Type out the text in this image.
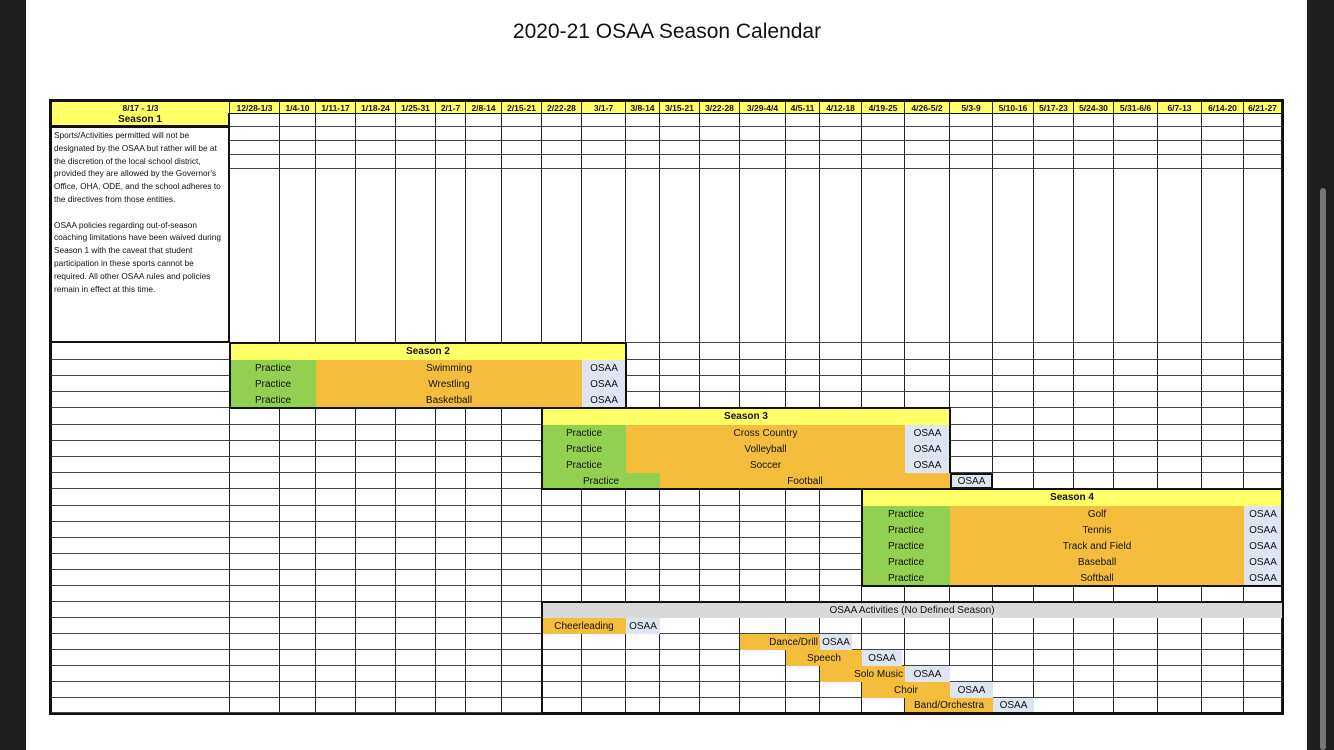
2020-21 OSAA Season Calendar
8/17 - 1/3	12/28-1/3	1/4-10	1/11-17	1/18-24	1/25-31	2/1-7	2/8-14	2/15-21	2/22-28	3/1-7	3/8-14	3/15-21	3/22-28	3/29-4/4	4/5-11	4/12-18	4/19-25	4/26-5/2	5/3-9	5/10-16	5/17-23	5/24-30	5/31-6/6	6/7-13	6/14-20	6/21-27
Season 1

Sports/Activities permitted will not be designated by the OSAA but rather will be at the discretion of the local school district, provided they are allowed by the Governor's Office, OHA, ODE, and the school adheres to the directives from those entities.

OSAA policies regarding out-of-season coaching limitations have been waived during Season 1 with the caveat that student participation in these sports cannot be required. All other OSAA rules and policies remain in effect at this time.

Season 2
Practice	Swimming	OSAA
Practice	Wrestling	OSAA
Practice	Basketball	OSAA
Season 3
Practice	Cross Country	OSAA
Practice	Volleyball	OSAA
Practice	Soccer	OSAA
Practice	Football	OSAA
Season 4
Practice	Golf	OSAA
Practice	Tennis	OSAA
Practice	Track and Field	OSAA
Practice	Baseball	OSAA
Practice	Softball	OSAA
OSAA Activities (No Defined Season)
Cheerleading	OSAA
Dance/Drill OSAA
Speech	OSAA
Solo Music	OSAA
Choir	OSAA
Band/Orchestra	OSAA
